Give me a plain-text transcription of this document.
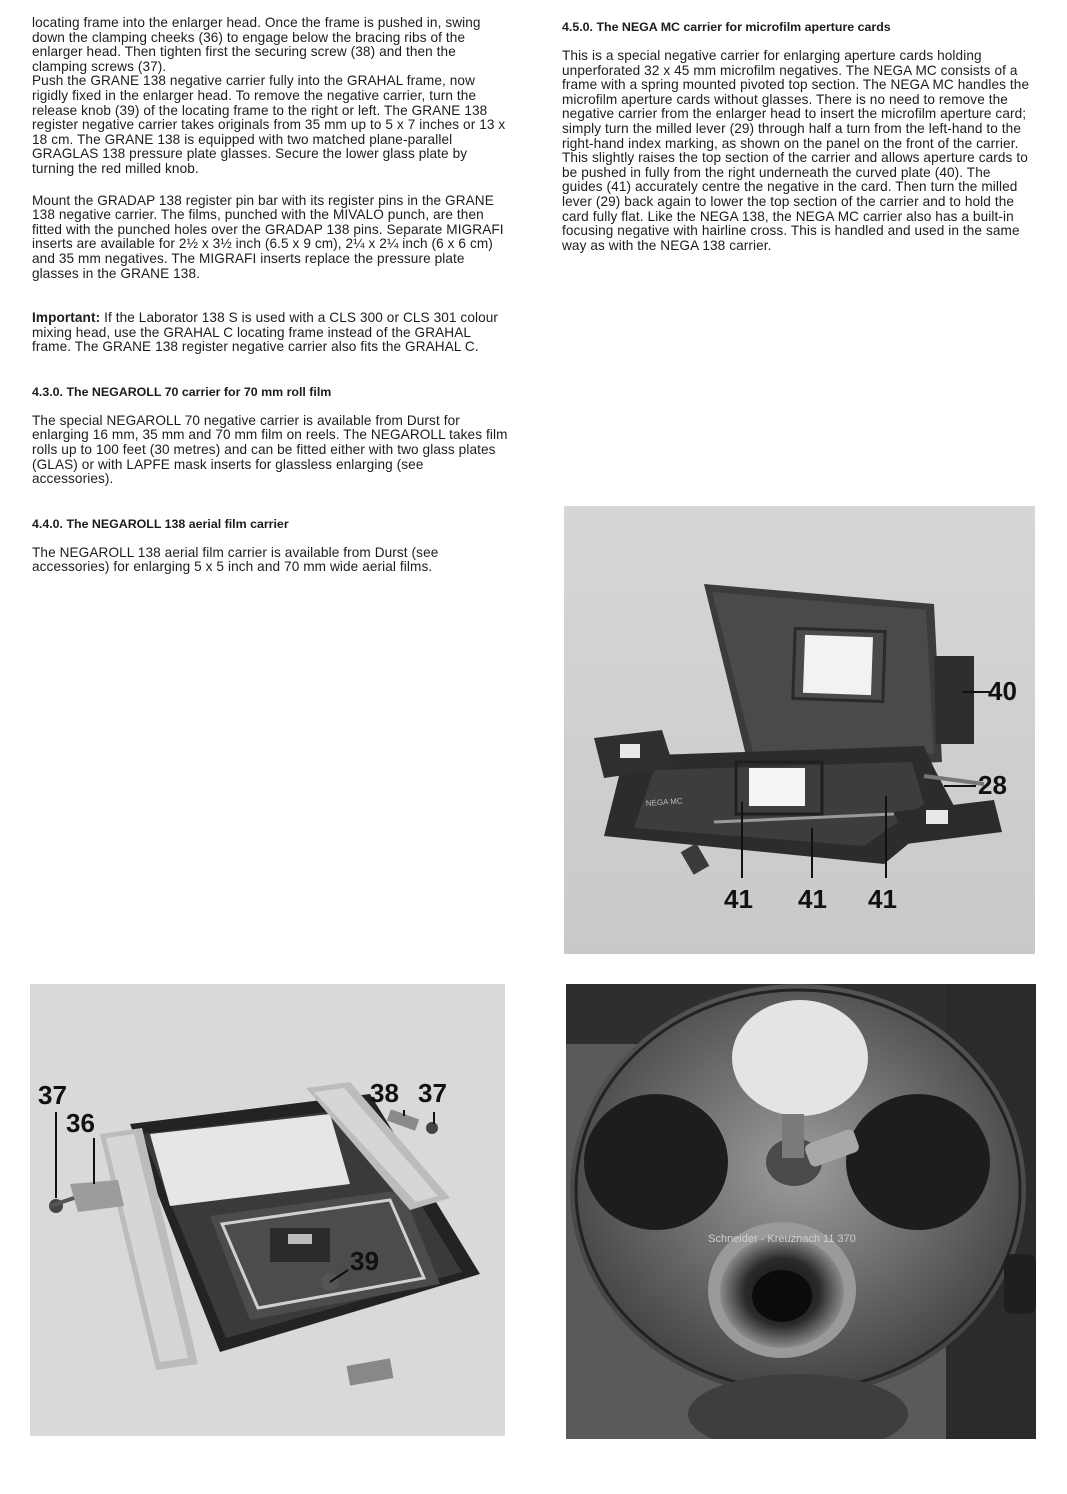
locating frame into the enlarger head. Once the frame is pushed in, swing down the clamping cheeks (36) to engage below the bracing ribs of the enlarger head. Then tighten first the securing screw (38) and then the clamping screws (37).

Push the GRANE 138 negative carrier fully into the GRAHAL frame, now rigidly fixed in the enlarger head. To remove the negative carrier, turn the release knob (39) of the locating frame to the right or left. The GRANE 138 register negative carrier takes originals from 35 mm up to 5 x 7 inches or 13 x 18 cm. The GRANE 138 is equipped with two matched plane-parallel GRAGLAS 138 pressure plate glasses. Secure the lower glass plate by turning the red milled knob.

Mount the GRADAP 138 register pin bar with its register pins in the GRANE 138 negative carrier. The films, punched with the MIVALO punch, are then fitted with the punched holes over the GRADAP 138 pins. Separate MIGRAFI inserts are available for 2½ x 3½ inch (6.5 x 9 cm), 2¼ x 2¼ inch (6 x 6 cm) and 35 mm negatives. The MIGRAFI inserts replace the pressure plate glasses in the GRANE 138.

Important: If the Laborator 138 S is used with a CLS 300 or CLS 301 colour mixing head, use the GRAHAL C locating frame instead of the GRAHAL frame. The GRANE 138 register negative carrier also fits the GRAHAL C.

4.3.0. The NEGAROLL 70 carrier for 70 mm roll film

The special NEGAROLL 70 negative carrier is available from Durst for enlarging 16 mm, 35 mm and 70 mm film on reels. The NEGAROLL takes film rolls up to 100 feet (30 metres) and can be fitted either with two glass plates (GLAS) or with LAPFE mask inserts for glassless enlarging (see accessories).

4.4.0. The NEGAROLL 138 aerial film carrier

The NEGAROLL 138 aerial film carrier is available from Durst (see accessories) for enlarging 5 x 5 inch and 70 mm wide aerial films.

4.5.0. The NEGA MC carrier for microfilm aperture cards

This is a special negative carrier for enlarging aperture cards holding unperforated 32 x 45 mm microfilm negatives. The NEGA MC consists of a frame with a spring mounted pivoted top section. The NEGA MC handles the microfilm aperture cards without glasses. There is no need to remove the negative carrier from the enlarger head to insert the microfilm aperture card; simply turn the milled lever (29) through half a turn from the left-hand to the right-hand index marking, as shown on the panel on the front of the carrier. This slightly raises the top section of the carrier and allows aperture cards to be pushed in fully from the right underneath the curved plate (40). The guides (41) accurately centre the negative in the card. Then turn the milled lever (29) back again to lower the top section of the carrier and to hold the card fully flat. Like the NEGA 138, the NEGA MC carrier also has a built-in focusing negative with hairline cross. This is handled and used in the same way as with the NEGA 138 carrier.

NEGA MC
40
28
41 41 41
37
36
38 37
39
Schneider - Kreuznach 11 370
